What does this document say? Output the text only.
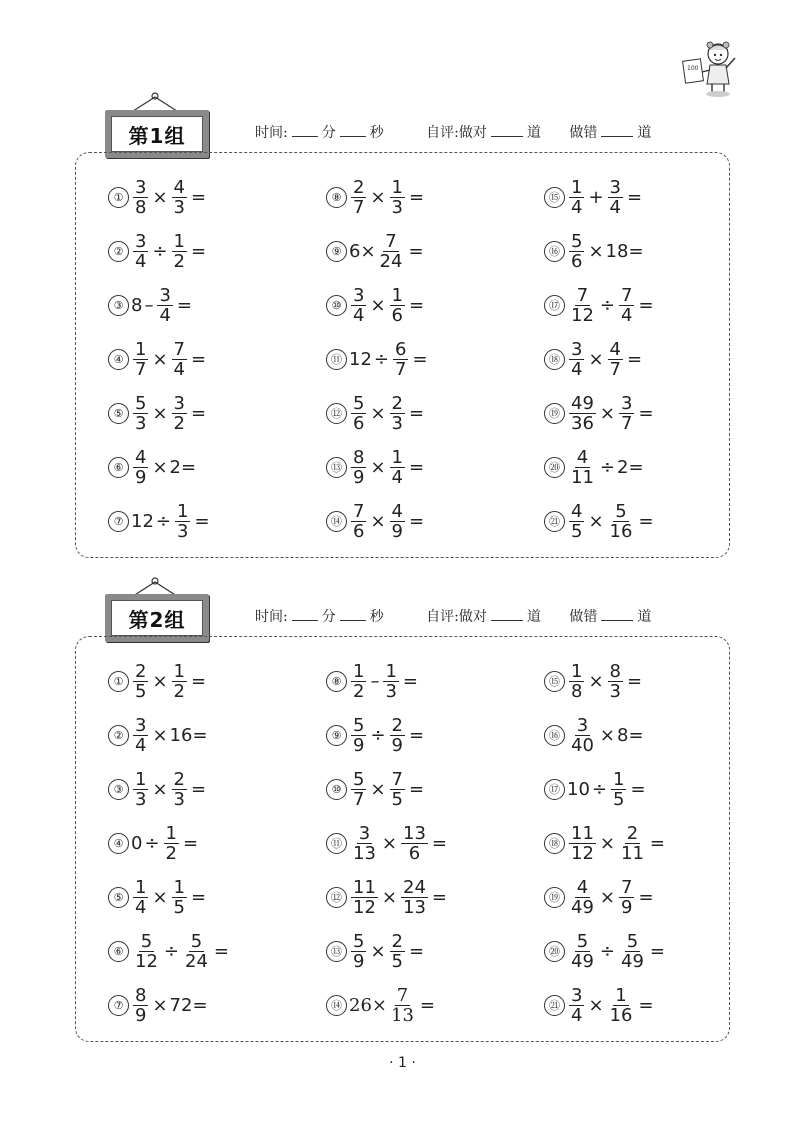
100
第1组	时间: 分 秒	自评:做对	道 做错	道
① $\frac{3}{8} \times \frac{4}{3}$ =
② $\frac{3}{4} \div \frac{1}{2}$ =
③ $8 - \frac{3}{4}$ =
④ $\frac{1}{7} \times \frac{7}{4}$ =
⑤ $\frac{5}{3} \times \frac{3}{2}$ =
⑥ $\frac{4}{9} \times 2=$
⑦ $12 \div \frac{1}{3}$ =
⑧ $\frac{2}{7} \times \frac{1}{3}$ =
⑨ $6\times \frac{7}{24}$ =
⑩ $\frac{3}{4} \times \frac{1}{6}$ =
⑪ $12 \div \frac{6}{7}$ =
⑫ $\frac{5}{6} \times \frac{2}{3}$ =
⑬ $\frac{8}{9} \times \frac{1}{4}$ =
⑭ $\frac{7}{6} \times \frac{4}{9}$ =
⑮ $\frac{1}{4} + \frac{3}{4}$ =
⑯ $\frac{5}{6} \times 18=$
⑰ $\frac{7}{12} \div \frac{7}{4}$ =
⑱ $\frac{3}{4} \times \frac{4}{7}$ =
⑲ $\frac{49}{36} \times \frac{3}{7}$ =
⑳ $\frac{4}{11} \div 2=$
㉑ $\frac{4}{5} \times \frac{5}{16}$ =
第2组	时间: 分 秒	自评:做对	道 做错	道
① $\frac{2}{5} \times \frac{1}{2}$ =
② $\frac{3}{4} \times 16=$
③ $\frac{1}{3} \times \frac{2}{3}$ =
④ $0 \div \frac{1}{2}$ =
⑤ $\frac{1}{4} \times \frac{1}{5}$ =
⑥ $\frac{5}{12} \div \frac{5}{24}$ =
⑦ $\frac{8}{9} \times 72=$
⑧ $\frac{1}{2} - \frac{1}{3}$ =
⑨ $\frac{5}{9} \div \frac{2}{9}$ =
⑩ $\frac{5}{7} \times \frac{7}{5}$ =
⑪ $\frac{3}{13} \times \frac{13}{6}$ =
⑫ $\frac{11}{12} \times \frac{24}{13}$ =
⑬ $\frac{5}{9} \times \frac{2}{5}$ =
⑭ $26\times \frac{7}{13}$ =
⑮ $\frac{1}{8} \times \frac{8}{3}$ =
⑯ $\frac{3}{40} \times 8=$
⑰ $10 \div \frac{1}{5}$ =
⑱ $\frac{11}{12} \times \frac{2}{11}$ =
⑲ $\frac{4}{49} \times \frac{7}{9}$ =
⑳ $\frac{5}{49} \div \frac{5}{49}$ =
㉑ $\frac{3}{4} \times \frac{1}{16}$ =
· 1 ·
